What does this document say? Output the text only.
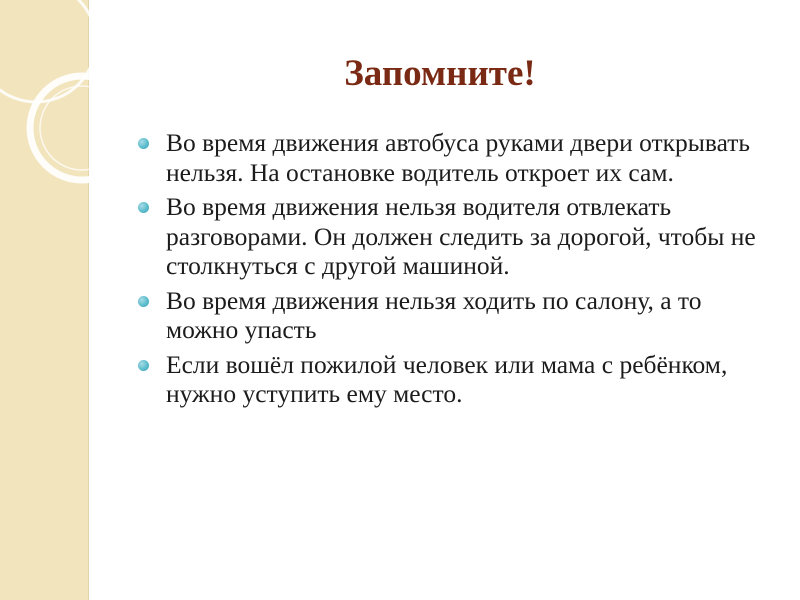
Запомните!
Во время движения автобуса руками двери открывать нельзя. На остановке водитель откроет их сам.
Во время движения нельзя водителя отвлекать разговорами. Он должен следить за дорогой, чтобы не столкнуться с другой машиной.
Во время движения нельзя ходить по салону, а то можно упасть
Если вошёл пожилой человек или мама с ребёнком, нужно уступить ему место.
